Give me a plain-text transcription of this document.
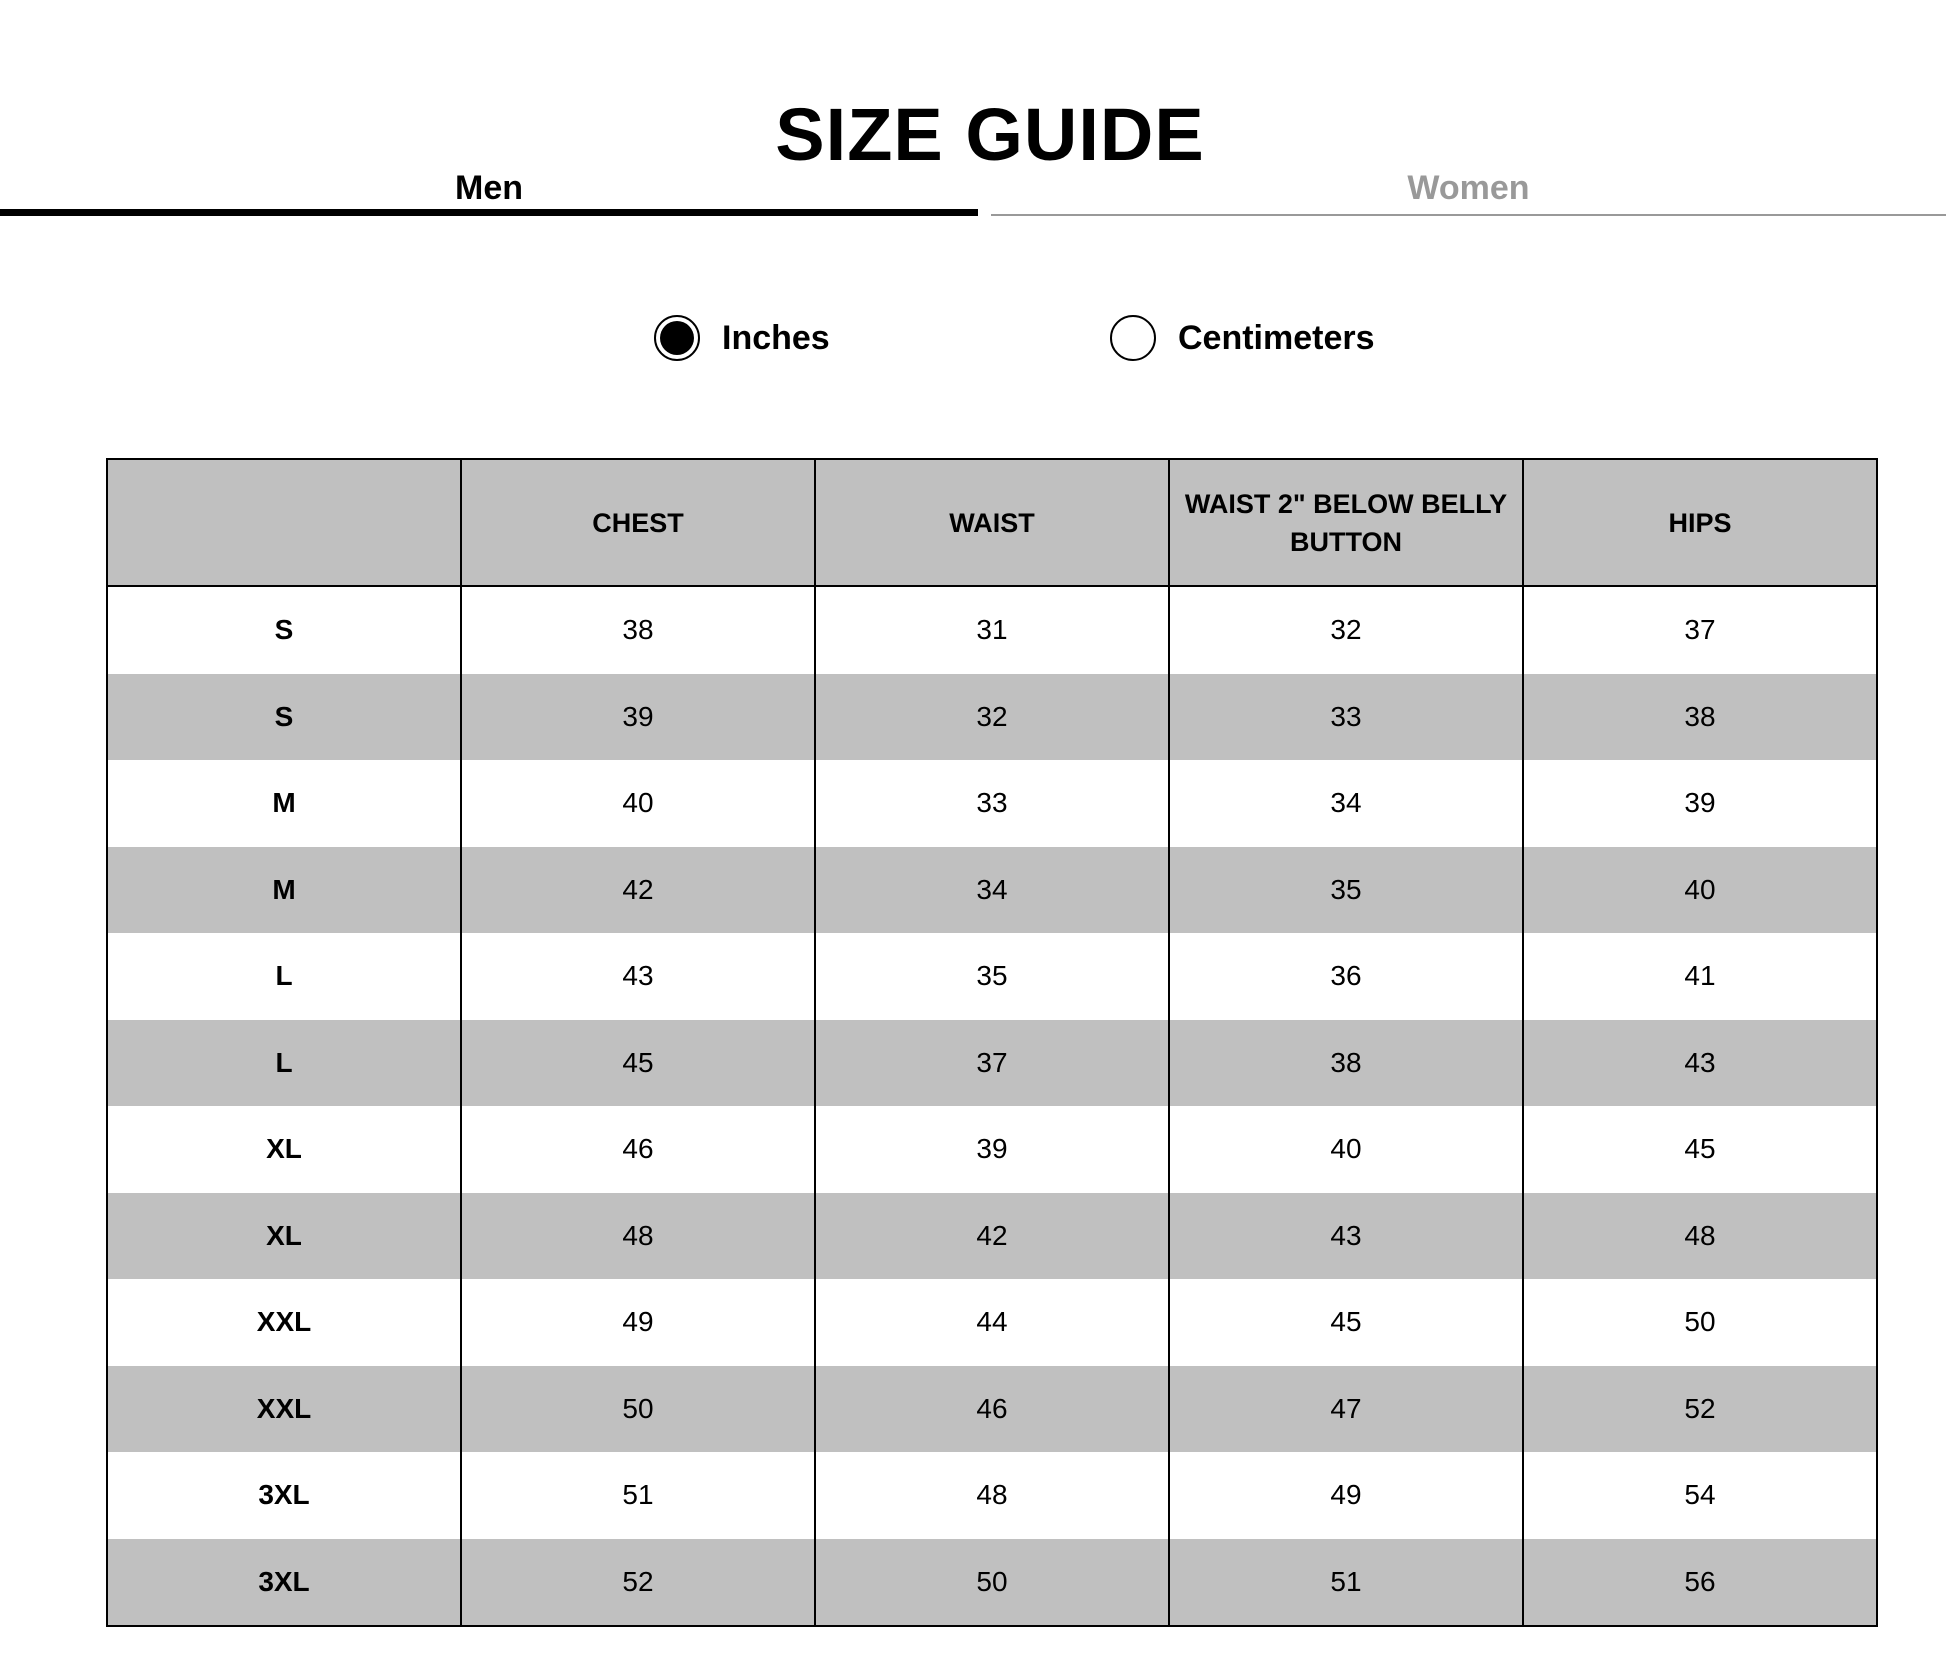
SIZE GUIDE
Men	Women
Inches	Centimeters
	CHEST	WAIST	WAIST 2" BELOW BELLY BUTTON	HIPS
S	38	31	32	37
S	39	32	33	38
M	40	33	34	39
M	42	34	35	40
L	43	35	36	41
L	45	37	38	43
XL	46	39	40	45
XL	48	42	43	48
XXL	49	44	45	50
XXL	50	46	47	52
3XL	51	48	49	54
3XL	52	50	51	56
